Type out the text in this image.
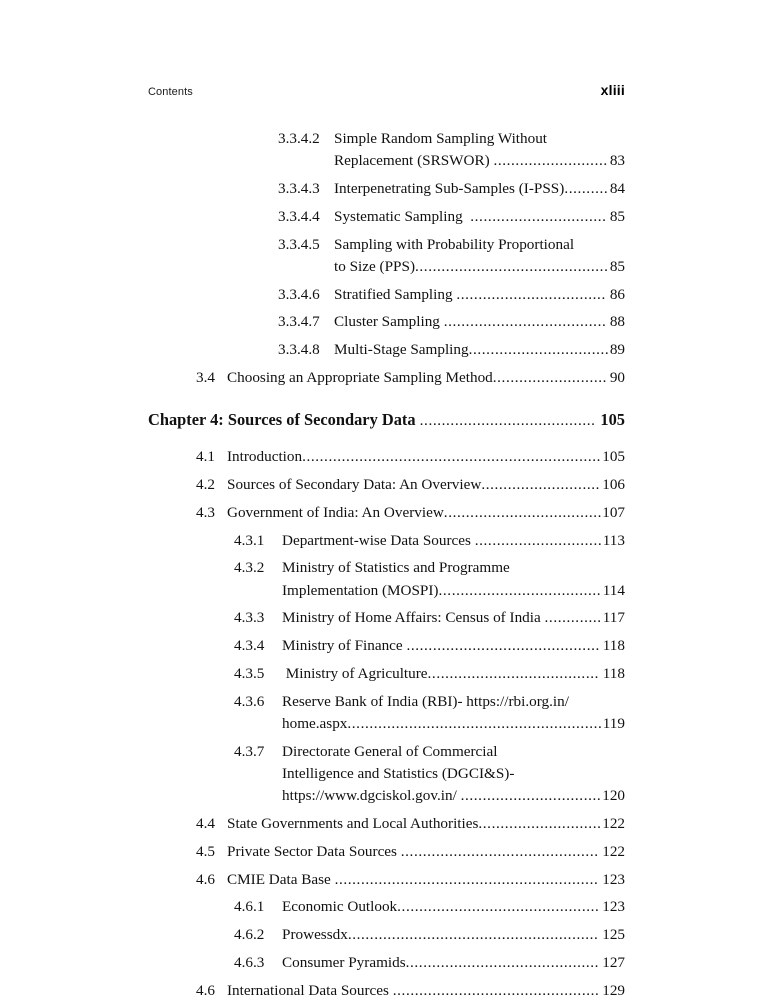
Contents	xliii
3.3.4.2 Simple Random Sampling Without
Replacement (SRSWOR) .......................... 83
3.3.4.3 Interpenetrating Sub-Samples (I-PSS) .......... 84
3.3.4.4 Systematic Sampling ............................... 85
3.3.4.5 Sampling with Probability Proportional
to Size (PPS) ............................................ 85
3.3.4.6 Stratified Sampling .................................. 86
3.3.4.7 Cluster Sampling ..................................... 88
3.3.4.8 Multi-Stage Sampling ................................ 89
3.4 Choosing an Appropriate Sampling Method .......................... 90
Chapter 4: Sources of Secondary Data ........................................ 105
4.1 Introduction .................................................................... 105
4.2 Sources of Secondary Data: An Overview ........................... 106
4.3 Government of India: An Overview .................................... 107
4.3.1	Department-wise Data Sources ............................. 113
4.3.2	Ministry of Statistics and Programme
Implementation (MOSPI) ..................................... 114
4.3.3	Ministry of Home Affairs: Census of India ............. 117
4.3.4	Ministry of Finance ............................................ 118
4.3.5	Ministry of Agriculture ....................................... 118
4.3.6	Reserve Bank of India (RBI)- https://rbi.org.in/
home.aspx .......................................................... 119
4.3.7	Directorate General of Commercial
Intelligence and Statistics (DGCI&S)-
https://www.dgciskol.gov.in/ ................................ 120
4.4 State Governments and Local Authorities ............................ 122
4.5 Private Sector Data Sources ............................................. 122
4.6 CMIE Data Base ............................................................ 123
4.6.1	Economic Outlook .............................................. 123
4.6.2	Prowessdx ......................................................... 125
4.6.3	Consumer Pyramids ............................................ 127
4.6 International Data Sources ............................................... 129
